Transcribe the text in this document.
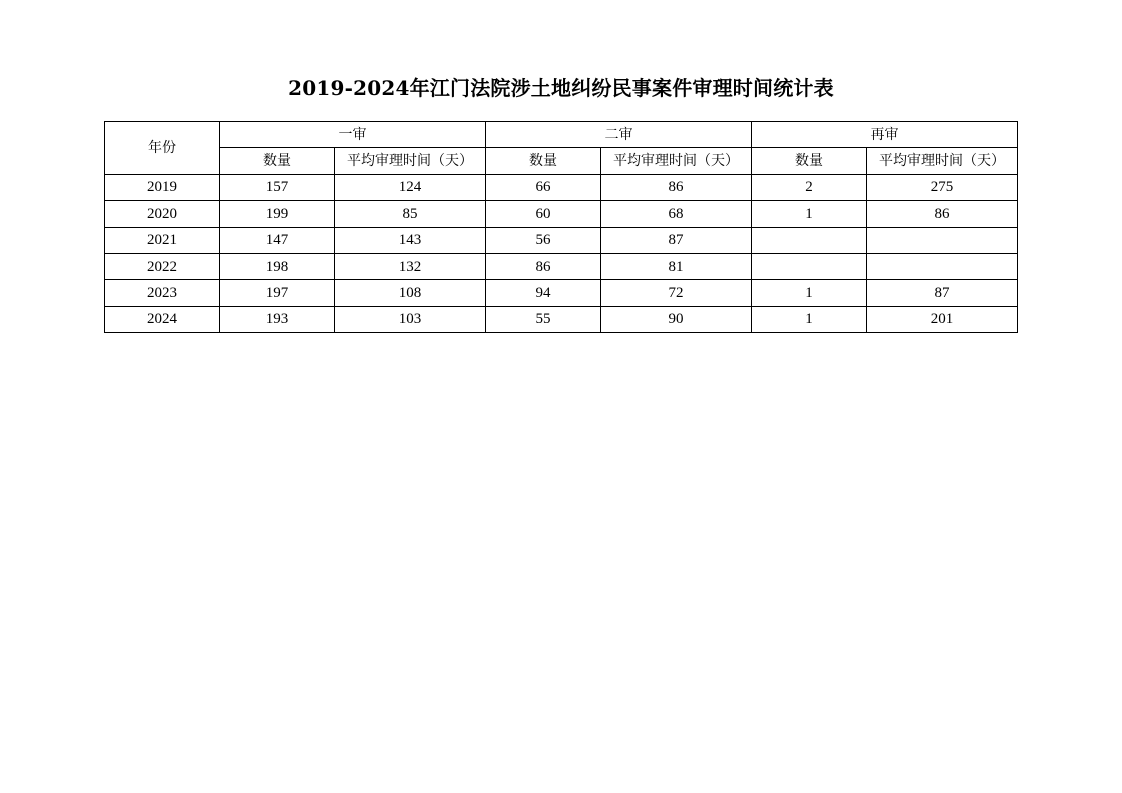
2019-2024年江门法院涉土地纠纷民事案件审理时间统计表
年份	一审		二审		再审	
	数量	平均审理时间（天）	数量	平均审理时间（天）	数量	平均审理时间（天）
2019	157	124	66	86	2	275
2020	199	85	60	68	1	86
2021	147	143	56	87		
2022	198	132	86	81		
2023	197	108	94	72	1	87
2024	193	103	55	90	1	201
